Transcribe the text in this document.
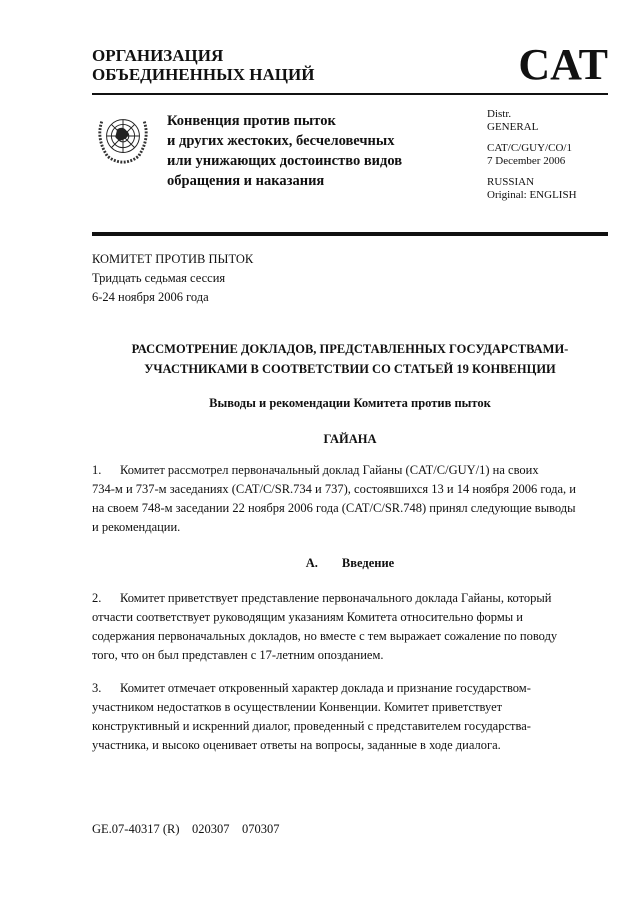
ОРГАНИЗАЦИЯ
ОБЪЕДИНЕННЫХ НАЦИЙ	CAT
Конвенция против пыток
и других жестоких, бесчеловечных
или унижающих достоинство видов
обращения и наказания

Distr.
GENERAL

CAT/C/GUY/CO/1
7 December 2006

RUSSIAN
Original: ENGLISH

КОМИТЕТ ПРОТИВ ПЫТОК
Тридцать седьмая сессия
6-24 ноября 2006 года
РАССМОТРЕНИЕ ДОКЛАДОВ, ПРЕДСТАВЛЕННЫХ ГОСУДАРСТВАМИ-
УЧАСТНИКАМИ В СООТВЕТСТВИИ СО СТАТЬЕЙ 19 КОНВЕНЦИИ
Выводы и рекомендации Комитета против пыток
ГАЙАНА
1. Комитет рассмотрел первоначальный доклад Гайаны (CAT/C/GUY/1) на своих
734-м и 737-м заседаниях (CAT/C/SR.734 и 737), состоявшихся 13 и 14 ноября 2006 года, и
на своем 748-м заседании 22 ноября 2006 года (CAT/C/SR.748) принял следующие выводы
и рекомендации.
A. Введение
2. Комитет приветствует представление первоначального доклада Гайаны, который
отчасти соответствует руководящим указаниям Комитета относительно формы и
содержания первоначальных докладов, но вместе с тем выражает сожаление по поводу
того, что он был представлен с 17-летним опозданием.
3. Комитет отмечает откровенный характер доклада и признание государством-
участником недостатков в осуществлении Конвенции. Комитет приветствует
конструктивный и искренний диалог, проведенный с представителем государства-
участника, и высоко оценивает ответы на вопросы, заданные в ходе диалога.
GE.07-40317 (R)    020307    070307
